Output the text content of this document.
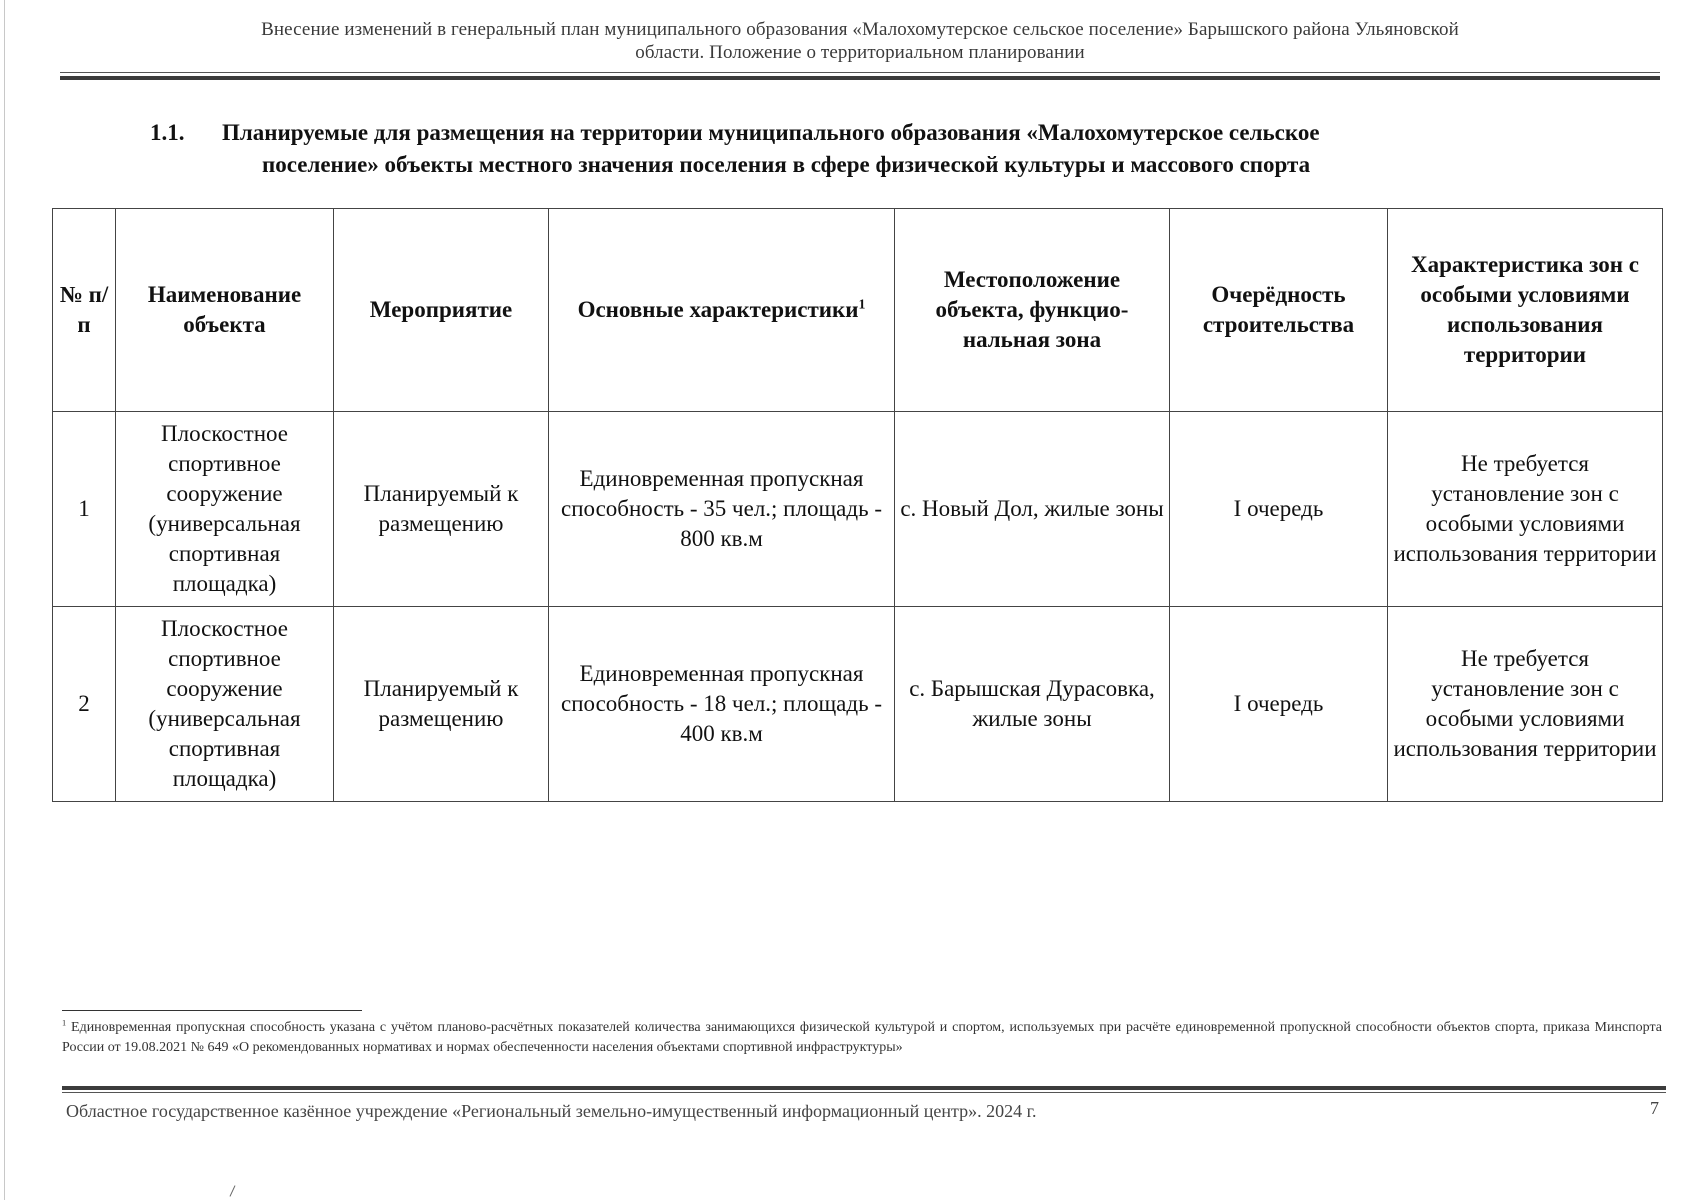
Внесение изменений в генеральный план муниципального образования «Малохомутерское сельское поселение» Барышского района Ульяновской
области. Положение о территориальном планировании
1.1. Планируемые для размещения на территории муниципального образования «Малохомутерское сельское
поселение» объекты местного значения поселения в сфере физической культуры и массового спорта
№ п/п	Наименование объекта	Мероприятие	Основные характеристики$^1$	Местоположение объекта, функцио-нальная зона	Очерёдность строительства	Характеристика зон с особыми условиями использования территории
1	Плоскостное спортивное сооружение (универсальная спортивная площадка)	Планируемый к размещению	Единовременная пропускная способность - 35 чел.; площадь - 800 кв.м	с. Новый Дол, жилые зоны	I очередь	Не требуется установление зон с особыми условиями использования территории
2	Плоскостное спортивное сооружение (универсальная спортивная площадка)	Планируемый к размещению	Единовременная пропускная способность - 18 чел.; площадь - 400 кв.м	с. Барышская Дурасовка, жилые зоны	I очередь	Не требуется установление зон с особыми условиями использования территории
$^1$ Единовременная пропускная способность указана с учётом планово-расчётных показателей количества занимающихся физической культурой и спортом, используемых при расчёте единовременной пропускной способности объектов спорта, приказа Минспорта России от 19.08.2021 № 649 «О рекомендованных нормативах и нормах обеспеченности населения объектами спортивной инфраструктуры»
Областное государственное казённое учреждение «Региональный земельно-имущественный информационный центр». 2024 г.	7
